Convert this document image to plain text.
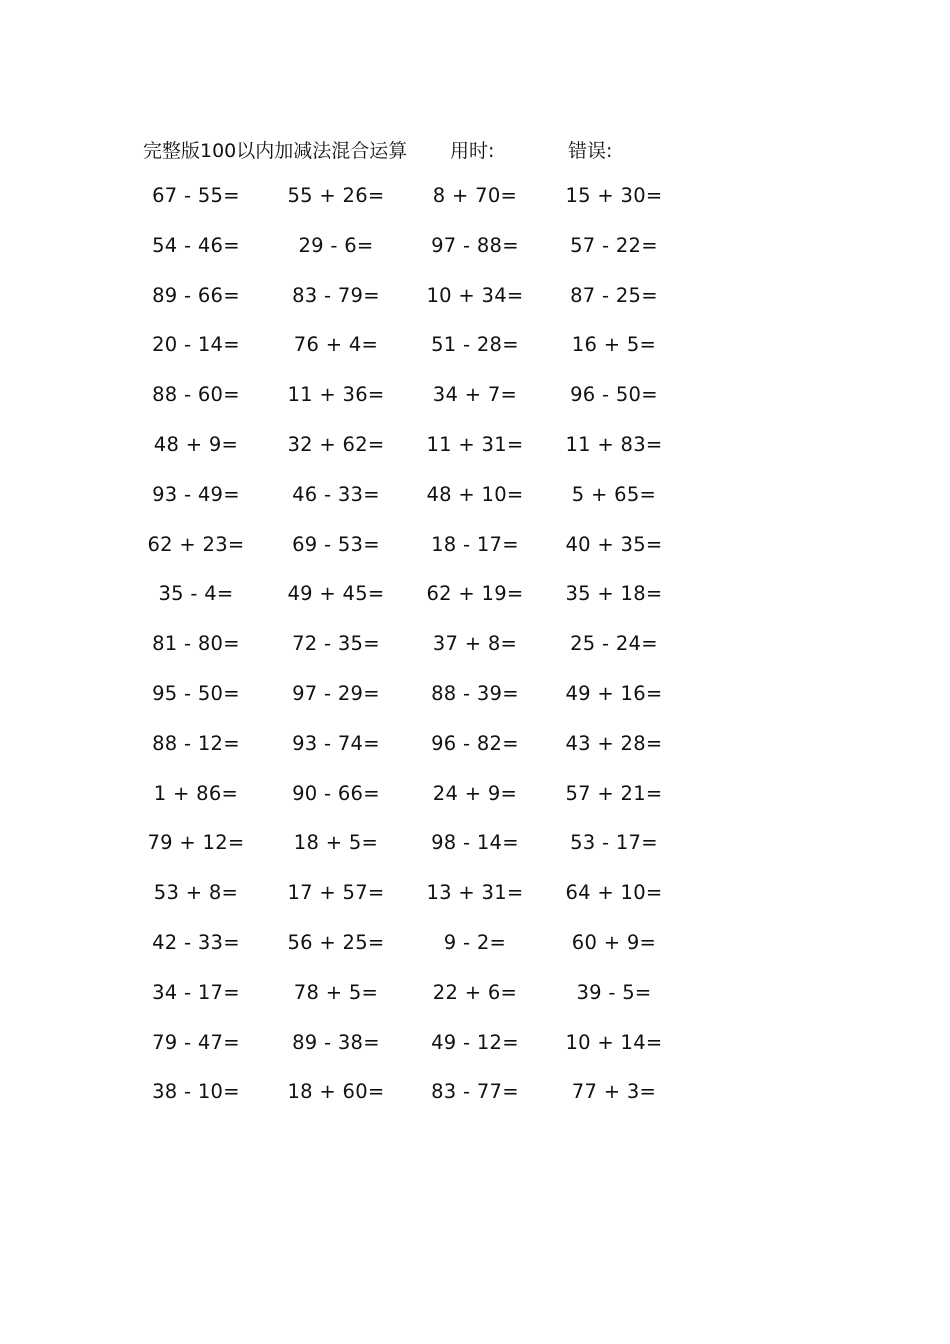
完整版100以内加减法混合运算 用时:	错误:
67 - 55=	55 + 26=	8 + 70=	15 + 30=
54 - 46=	29 - 6=	97 - 88=	57 - 22=
89 - 66=	83 - 79=	10 + 34=	87 - 25=
20 - 14=	76 + 4=	51 - 28=	16 + 5=
88 - 60=	11 + 36=	34 + 7=	96 - 50=
48 + 9=	32 + 62=	11 + 31=	11 + 83=
93 - 49=	46 - 33=	48 + 10=	5 + 65=
62 + 23=	69 - 53=	18 - 17=	40 + 35=
35 - 4=	49 + 45=	62 + 19=	35 + 18=
81 - 80=	72 - 35=	37 + 8=	25 - 24=
95 - 50=	97 - 29=	88 - 39=	49 + 16=
88 - 12=	93 - 74=	96 - 82=	43 + 28=
1 + 86=	90 - 66=	24 + 9=	57 + 21=
79 + 12=	18 + 5=	98 - 14=	53 - 17=
53 + 8=	17 + 57=	13 + 31=	64 + 10=
42 - 33=	56 + 25=	9 - 2=	60 + 9=
34 - 17=	78 + 5=	22 + 6=	39 - 5=
79 - 47=	89 - 38=	49 - 12=	10 + 14=
38 - 10=	18 + 60=	83 - 77=	77 + 3=
